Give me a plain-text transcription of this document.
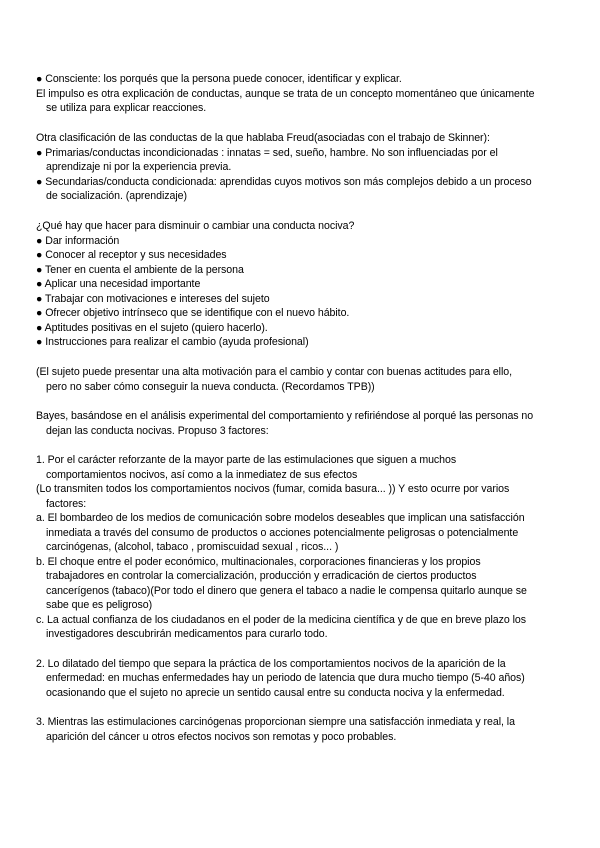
● Consciente: los porqués que la persona puede conocer, identificar y explicar.
El impulso es otra explicación de conductas, aunque se trata de un concepto momentáneo que únicamente
se utiliza para explicar reacciones.
Otra clasificación de las conductas de la que hablaba Freud(asociadas con el trabajo de Skinner):
● Primarias/conductas incondicionadas : innatas = sed, sueño, hambre. No son influenciadas por el
aprendizaje ni por la experiencia previa.
● Secundarias/conducta condicionada: aprendidas cuyos motivos son más complejos debido a un proceso
de socialización. (aprendizaje)
¿Qué hay que hacer para disminuir o cambiar una conducta nociva?
● Dar información
● Conocer al receptor y sus necesidades
● Tener en cuenta el ambiente de la persona
● Aplicar una necesidad importante
● Trabajar con motivaciones e intereses del sujeto
● Ofrecer objetivo intrínseco que se identifique con el nuevo hábito.
● Aptitudes positivas en el sujeto (quiero hacerlo).
● Instrucciones para realizar el cambio (ayuda profesional)
(El sujeto puede presentar una alta motivación para el cambio y contar con buenas actitudes para ello,
pero no saber cómo conseguir la nueva conducta. (Recordamos TPB))
Bayes, basándose en el análisis experimental del comportamiento y refiriéndose al porqué las personas no
dejan las conducta nocivas. Propuso 3 factores:
1. Por el carácter reforzante de la mayor parte de las estimulaciones que siguen a muchos
comportamientos nocivos, así como a la inmediatez de sus efectos
(Lo transmiten todos los comportamientos nocivos (fumar, comida basura... )) Y esto ocurre por varios
factores:
a. El bombardeo de los medios de comunicación sobre modelos deseables que implican una satisfacción
inmediata a través del consumo de productos o acciones potencialmente peligrosas o potencialmente
carcinógenas, (alcohol, tabaco , promiscuidad sexual , ricos... )
b. El choque entre el poder económico, multinacionales, corporaciones financieras y los propios
trabajadores en controlar la comercialización, producción y erradicación de ciertos productos
cancerígenos (tabaco)(Por todo el dinero que genera el tabaco a nadie le compensa quitarlo aunque se
sabe que es peligroso)
c. La actual confianza de los ciudadanos en el poder de la medicina científica y de que en breve plazo los
investigadores descubrirán medicamentos para curarlo todo.
2. Lo dilatado del tiempo que separa la práctica de los comportamientos nocivos de la aparición de la
enfermedad: en muchas enfermedades hay un periodo de latencia que dura mucho tiempo (5-40 años)
ocasionando que el sujeto no aprecie un sentido causal entre su conducta nociva y la enfermedad.
3. Mientras las estimulaciones carcinógenas proporcionan siempre una satisfacción inmediata y real, la
aparición del cáncer u otros efectos nocivos son remotas y poco probables.
